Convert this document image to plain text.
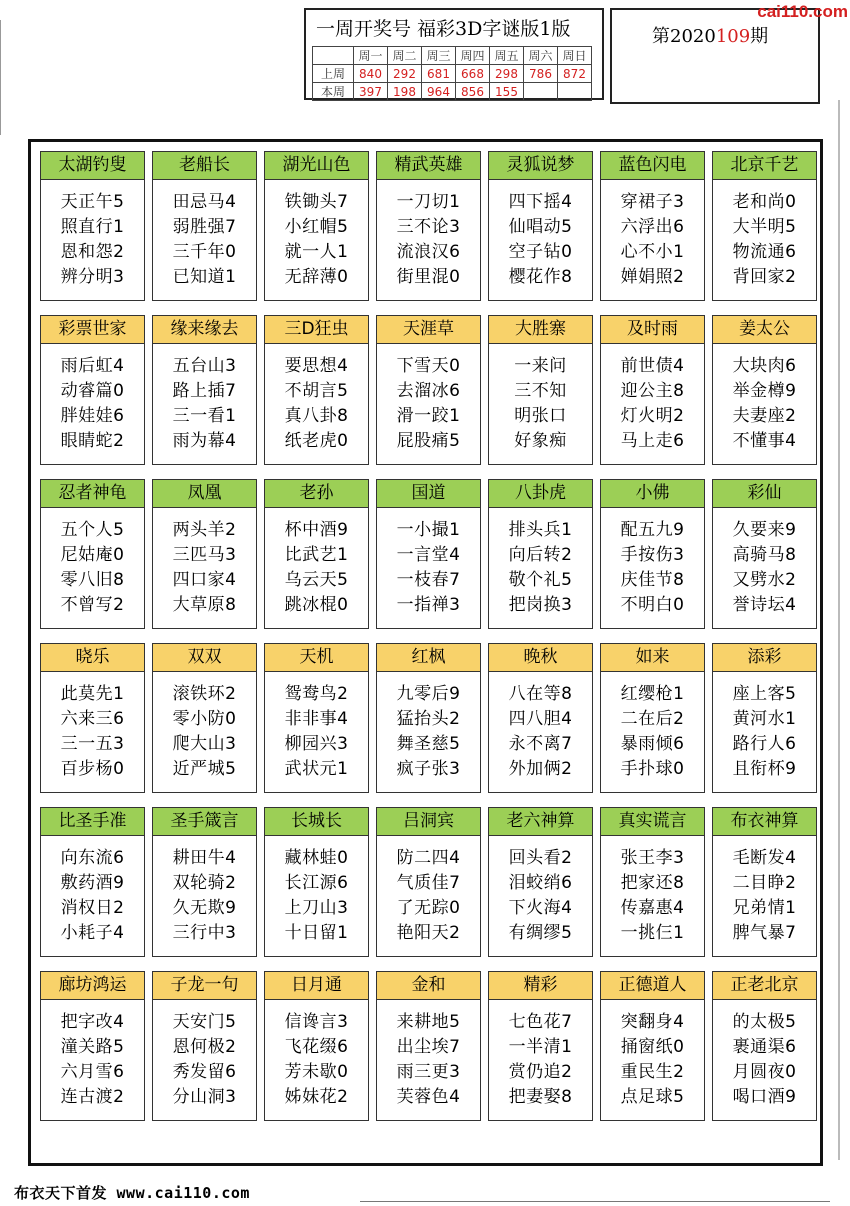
一周开奖号 福彩3D字谜版1版
	周一	周二	周三	周四	周五	周六	周日
上周	840	292	681	668	298	786	872
本周	397	198	964	856	155		
第2020109期
cai110.com
太湖钓叟
天正午5
照直行1
恩和怨2
辨分明3
老船长
田忌马4
弱胜强7
三千年0
已知道1
湖光山色
铁锄头7
小红帽5
就一人1
无辞薄0
精武英雄
一刀切1
三不论3
流浪汉6
街里混0
灵狐说梦
四下摇4
仙唱动5
空子钻0
樱花作8
蓝色闪电
穿裙子3
六浮出6
心不小1
婵娟照2
北京千艺
老和尚0
大半明5
物流通6
背回家2
彩票世家
雨后虹4
动睿篇0
胖娃娃6
眼睛蛇2
缘来缘去
五台山3
路上插7
三一看1
雨为幕4
三D狂虫
要思想4
不胡言5
真八卦8
纸老虎0
天涯草
下雪天0
去溜冰6
滑一跤1
屁股痛5
大胜寨
一来问
三不知
明张口
好象痴
及时雨
前世债4
迎公主8
灯火明2
马上走6
姜太公
大块肉6
举金樽9
夫妻座2
不懂事4
忍者神龟
五个人5
尼姑庵0
零八旧8
不曾写2
凤凰
两头羊2
三匹马3
四口家4
大草原8
老孙
杯中酒9
比武艺1
乌云天5
跳冰棍0
国道
一小撮1
一言堂4
一枝春7
一指禅3
八卦虎
排头兵1
向后转2
敬个礼5
把岗换3
小佛
配五九9
手按伤3
庆佳节8
不明白0
彩仙
久要来9
高骑马8
又劈水2
誉诗坛4
晓乐
此莫先1
六来三6
三一五3
百步杨0
双双
滚铁环2
零小防0
爬大山3
近严城5
天机
鸳鸯鸟2
非非事4
柳园兴3
武状元1
红枫
九零后9
猛抬头2
舞圣慈5
疯子张3
晚秋
八在等8
四八胆4
永不离7
外加俩2
如来
红缨枪1
二在后2
暴雨倾6
手扑球0
添彩
座上客5
黄河水1
路行人6
且衔杯9
比圣手准
向东流6
敷药酒9
消权日2
小耗子4
圣手箴言
耕田牛4
双轮骑2
久无欺9
三行中3
长城长
藏林蛙0
长江源6
上刀山3
十日留1
吕洞宾
防二四4
气质佳7
了无踪0
艳阳天2
老六神算
回头看2
泪蛟绡6
下火海4
有绸缪5
真实谎言
张王李3
把家还8
传嘉惠4
一挑仨1
布衣神算
毛断发4
二目睁2
兄弟情1
脾气暴7
廊坊鸿运
把字改4
潼关路5
六月雪6
连古渡2
子龙一句
天安门5
恩何极2
秀发留6
分山洞3
日月通
信谗言3
飞花缀6
芳未歇0
姊妹花2
金和
来耕地5
出尘埃7
雨三更3
芙蓉色4
精彩
七色花7
一半清1
赏仍追2
把妻娶8
正德道人
突翻身4
捅窗纸0
重民生2
点足球5
正老北京
的太极5
裹通渠6
月圆夜0
喝口酒9
布衣天下首发 www.cai110.com
